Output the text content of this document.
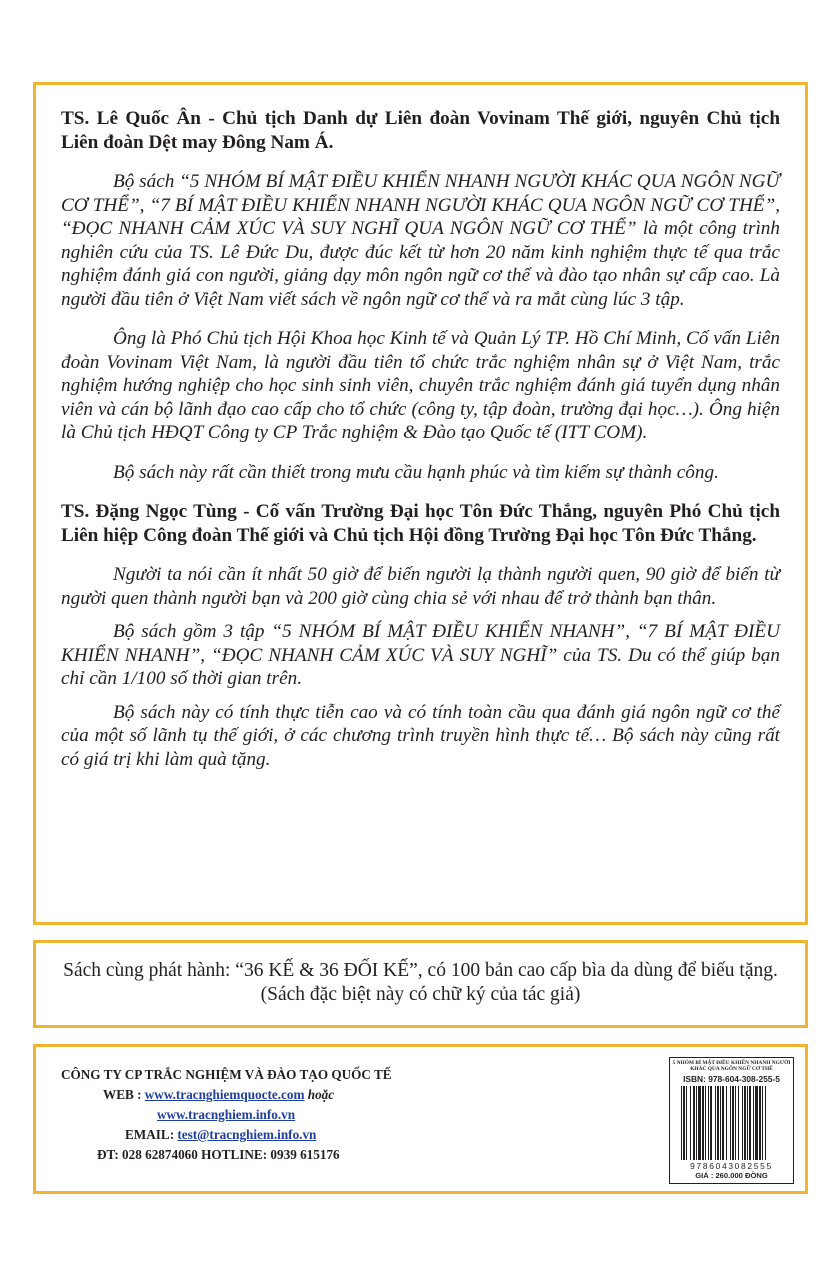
TS. Lê Quốc Ân - Chủ tịch Danh dự Liên đoàn Vovinam Thế giới, nguyên Chủ tịch Liên đoàn Dệt may Đông Nam Á.

Bộ sách “5 NHÓM BÍ MẬT ĐIỀU KHIỂN NHANH NGƯỜI KHÁC QUA NGÔN NGỮ CƠ THỂ”, “7 BÍ MẬT ĐIỀU KHIỂN NHANH NGƯỜI KHÁC QUA NGÔN NGỮ CƠ THỂ”, “ĐỌC NHANH CẢM XÚC VÀ SUY NGHĨ QUA NGÔN NGỮ CƠ THỂ” là một công trình nghiên cứu của TS. Lê Đức Du, được đúc kết từ hơn 20 năm kinh nghiệm thực tế qua trắc nghiệm đánh giá con người, giảng dạy môn ngôn ngữ cơ thể và đào tạo nhân sự cấp cao. Là người đầu tiên ở Việt Nam viết sách về ngôn ngữ cơ thể và ra mắt cùng lúc 3 tập.

Ông là Phó Chủ tịch Hội Khoa học Kinh tế và Quản Lý TP. Hồ Chí Minh, Cố vấn Liên đoàn Vovinam Việt Nam, là người đầu tiên tổ chức trắc nghiệm nhân sự ở Việt Nam, trắc nghiệm hướng nghiệp cho học sinh sinh viên, chuyên trắc nghiệm đánh giá tuyển dụng nhân viên và cán bộ lãnh đạo cao cấp cho tổ chức (công ty, tập đoàn, trường đại học…). Ông hiện là Chủ tịch HĐQT Công ty CP Trắc nghiệm & Đào tạo Quốc tế (ITT COM).

Bộ sách này rất cần thiết trong mưu cầu hạnh phúc và tìm kiếm sự thành công.

TS. Đặng Ngọc Tùng - Cố vấn Trường Đại học Tôn Đức Thắng, nguyên Phó Chủ tịch Liên hiệp Công đoàn Thế giới và Chủ tịch Hội đồng Trường Đại học Tôn Đức Thắng.

Người ta nói cần ít nhất 50 giờ để biến người lạ thành người quen, 90 giờ để biến từ người quen thành người bạn và 200 giờ cùng chia sẻ với nhau để trở thành bạn thân.

Bộ sách gồm 3 tập “5 NHÓM BÍ MẬT ĐIỀU KHIỂN NHANH”, “7 BÍ MẬT ĐIỀU KHIỂN NHANH”, “ĐỌC NHANH CẢM XÚC VÀ SUY NGHĨ” của TS. Du có thể giúp bạn chỉ cần 1/100 số thời gian trên.

Bộ sách này có tính thực tiễn cao và có tính toàn cầu qua đánh giá ngôn ngữ cơ thể của một số lãnh tụ thế giới, ở các chương trình truyền hình thực tế… Bộ sách này cũng rất có giá trị khi làm quà tặng.

Sách cùng phát hành: “36 KẾ & 36 ĐỐI KẾ”, có 100 bản cao cấp bìa da dùng để biếu tặng. (Sách đặc biệt này có chữ ký của tác giả)

CÔNG TY CP TRẮC NGHIỆM VÀ ĐÀO TẠO QUỐC TẾ
WEB : www.tracnghiemquocte.com hoặc
www.tracnghiem.info.vn
EMAIL: test@tracnghiem.info.vn
ĐT: 028 62874060 HOTLINE: 0939 615176
5 NHÓM BÍ MẬT ĐIỀU KHIỂN NHANH NGƯỜI KHÁC QUA NGÔN NGỮ CƠ THỂ
ISBN: 978-604-308-255-5
9786043082555
GIÁ : 260.000 ĐỒNG
